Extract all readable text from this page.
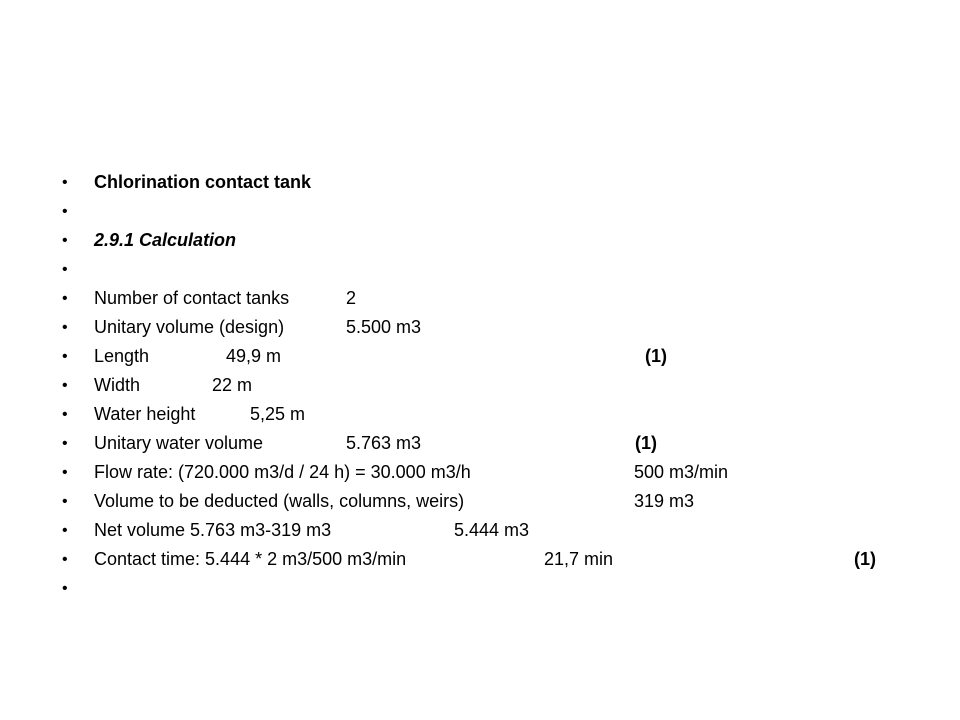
• Chlorination contact tank
•
• 2.9.1 Calculation
•
• Number of contact tanks	2
• Unitary volume (design)	5.500 m3
• Length	49,9 m	(1)
• Width	22 m
• Water height	5,25 m
• Unitary water volume	5.763 m3	(1)
• Flow rate: (720.000 m3/d / 24 h) = 30.000 m3/h	500 m3/min
• Volume to be deducted (walls, columns, weirs)	319 m3
• Net volume 5.763 m3-319 m3	5.444 m3
• Contact time: 5.444 * 2 m3/500 m3/min	21,7 min	(1)
•
